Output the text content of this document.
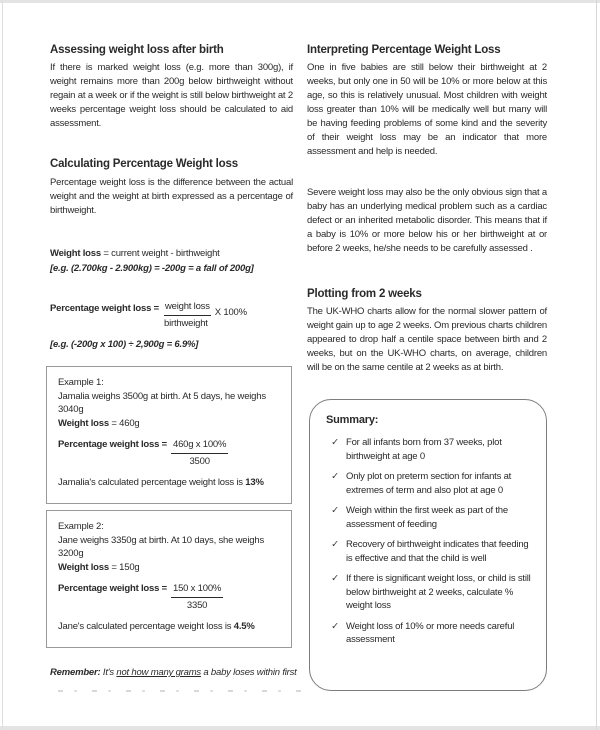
Assessing weight loss after birth

If there is marked weight loss (e.g. more than 300g), if weight remains more than 200g below birthweight without regain at a week or if the weight is still below birthweight at 2 weeks percentage weight loss should be calculated to aid assessment.

Calculating Percentage Weight loss

Percentage weight loss is the difference between the actual weight and the weight at birth expressed as a percentage of birthweight.

Weight loss = current weight - birthweight

[e.g. (2.700kg - 2.900kg) = -200g = a fall of 200g]

Percentage weight loss = $\frac{\text{weight loss}}{\text{birthweight}}$ X 100%

[e.g. (-200g x 100) ÷ 2,900g = 6.9%]

Example 1:

Jamalia weighs 3500g at birth. At 5 days, he weighs 3040g

Weight loss = 460g

Percentage weight loss = $\frac{\text{460g x 100\%}}{3500}$

Jamalia's calculated percentage weight loss is 13%

Example 2:

Jane weighs 3350g at birth. At 10 days, she weighs 3200g

Weight loss = 150g

Percentage weight loss = $\frac{150 x 100\%}{3350}$

Jane's calculated percentage weight loss is 4.5%

Remember: It's not how many grams a baby loses within first

Interpreting Percentage Weight Loss

One in five babies are still below their birthweight at 2 weeks, but only one in 50 will be 10% or more below at this age, so this is relatively unusual. Most children with weight loss greater than 10% will be medically well but many will be having feeding problems of some kind and the severity of their weight loss may be an indicator that more assessment and help is needed.

Severe weight loss may also be the only obvious sign that a baby has an underlying medical problem such as a cardiac defect or an inherited metabolic disorder. This means that if a baby is 10% or more below his or her birthweight at or before 2 weeks, he/she needs to be carefully assessed .

Plotting from 2 weeks

The UK-WHO charts allow for the normal slower pattern of weight gain up to age 2 weeks. Om previous charts children appeared to drop half a centile space between birth and 2 weeks, but on the UK-WHO charts, on average, children will be on the same centile at 2 weeks as at birth.

Summary:
✓ For all infants born from 37 weeks, plot birthweight at age 0
✓ Only plot on preterm section for infants at extremes of term and also plot at age 0
✓ Weigh within the first week as part of the assessment of feeding
✓ Recovery of birthweight indicates that feeding is effective and that the child is well
✓ If there is significant weight loss, or child is still below birthweight at 2 weeks, calculate % weight loss
✓ Weight loss of 10% or more needs careful assessment
